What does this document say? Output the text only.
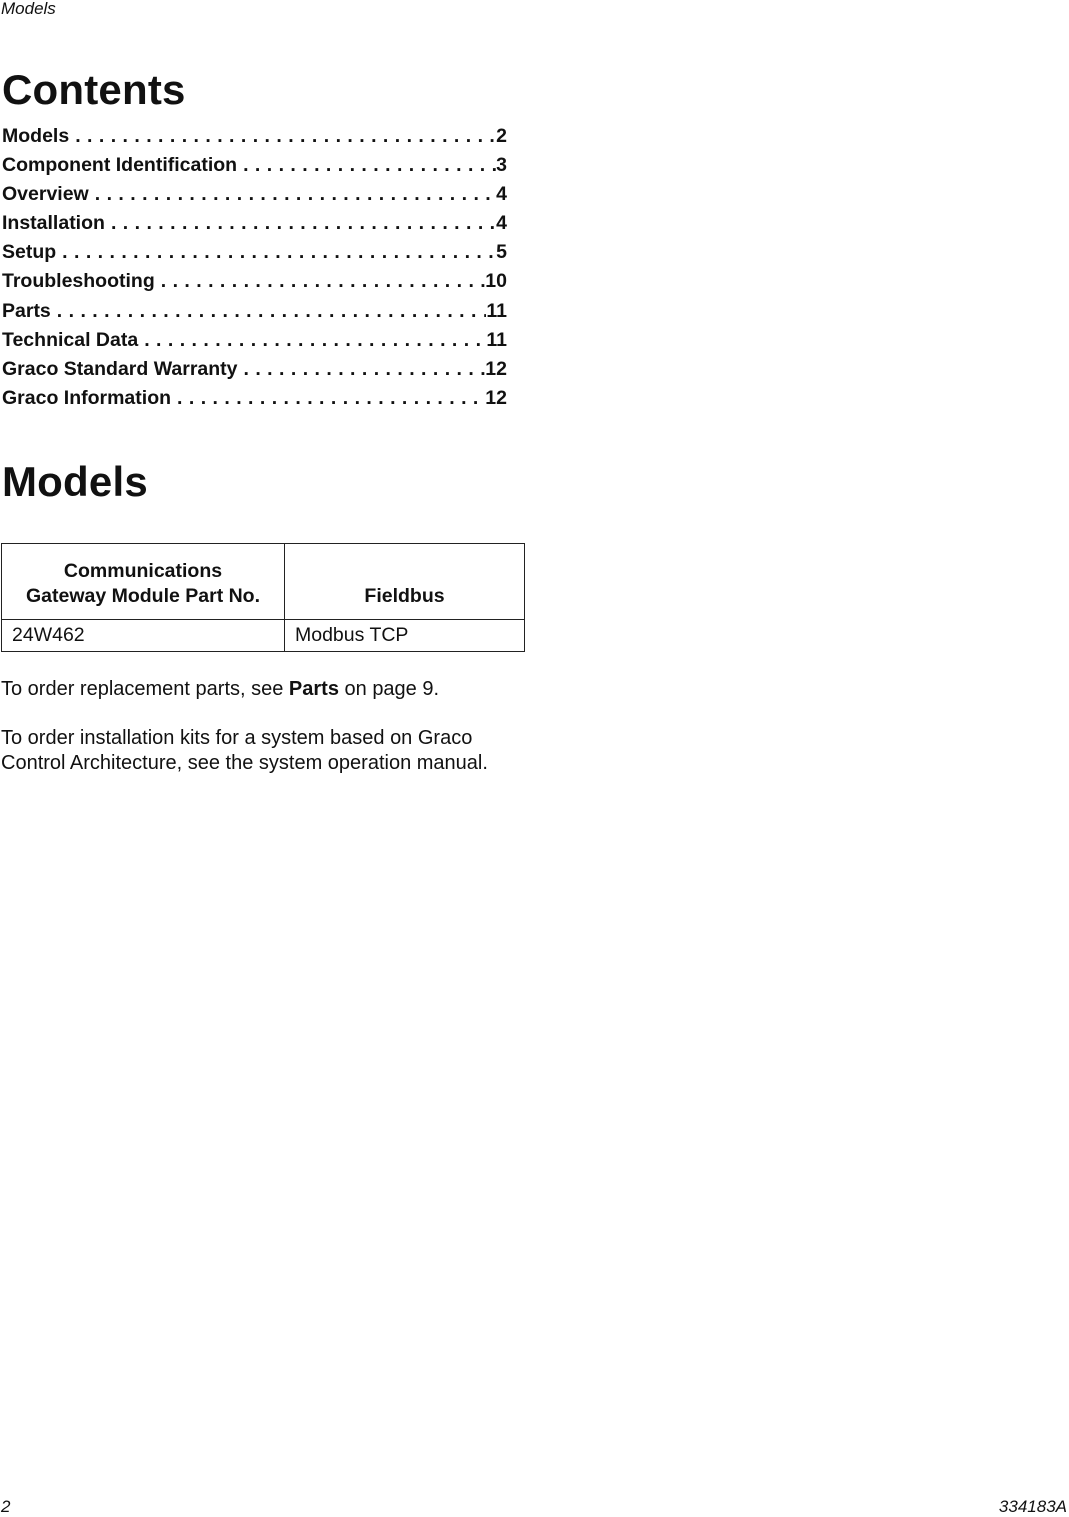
Models
Contents
Models . . .	2
Component Identification . . .	3
Overview . . .	4
Installation . . .	4
Setup . . .	5
Troubleshooting . . .	10
Parts . . .	11
Technical Data . . .	11
Graco Standard Warranty . . .	12
Graco Information . . .	12
Models
Communications
Gateway Module Part No.	Fieldbus
24W462	Modbus TCP

To order replacement parts, see Parts on page 9.

To order installation kits for a system based on Graco Control Architecture, see the system operation manual.

2	334183A
